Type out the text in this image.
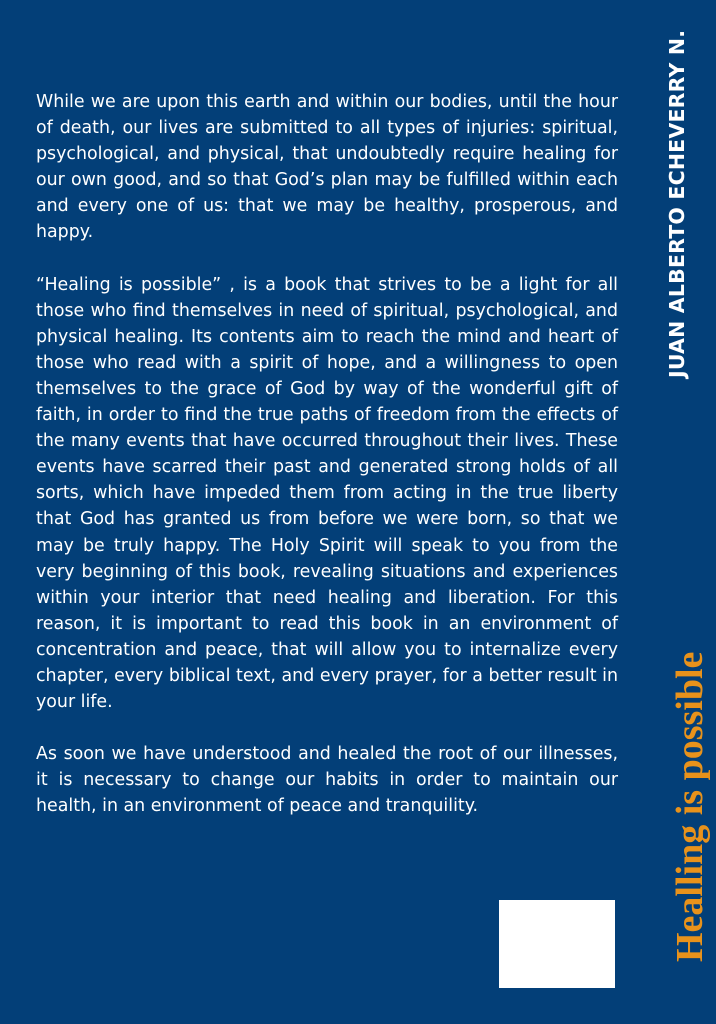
While we are upon this earth and within our bodies, until the hour of death, our lives are submitted to all types of injuries: spiritual, psychological, and physical, that undoubtedly require healing for our own good, and so that God’s plan may be fulfilled within each and every one of us: that we may be healthy, prosperous, and happy.

“Healing is possible” , is a book that strives to be a light for all those who find themselves in need of spiritual, psychological, and physical healing. Its contents aim to reach the mind and heart of those who read with a spirit of hope, and a willingness to open themselves to the grace of God by way of the wonderful gift of faith, in order to find the true paths of freedom from the effects of the many events that have occurred throughout their lives. These events have scarred their past and generated strong holds of all sorts, which have impeded them from acting in the true liberty that God has granted us from before we were born, so that we may be truly happy. The Holy Spirit will speak to you from the very beginning of this book, revealing situations and experiences within your interior that need healing and liberation. For this reason, it is important to read this book in an environment of concentration and peace, that will allow you to internalize every chapter, every biblical text, and every prayer, for a better result in your life.

As soon we have understood and healed the root of our illnesses, it is necessary to change our habits in order to maintain our health, in an environment of peace and tranquility.

JUAN ALBERTO ECHEVERRY N.
Healling is possible
